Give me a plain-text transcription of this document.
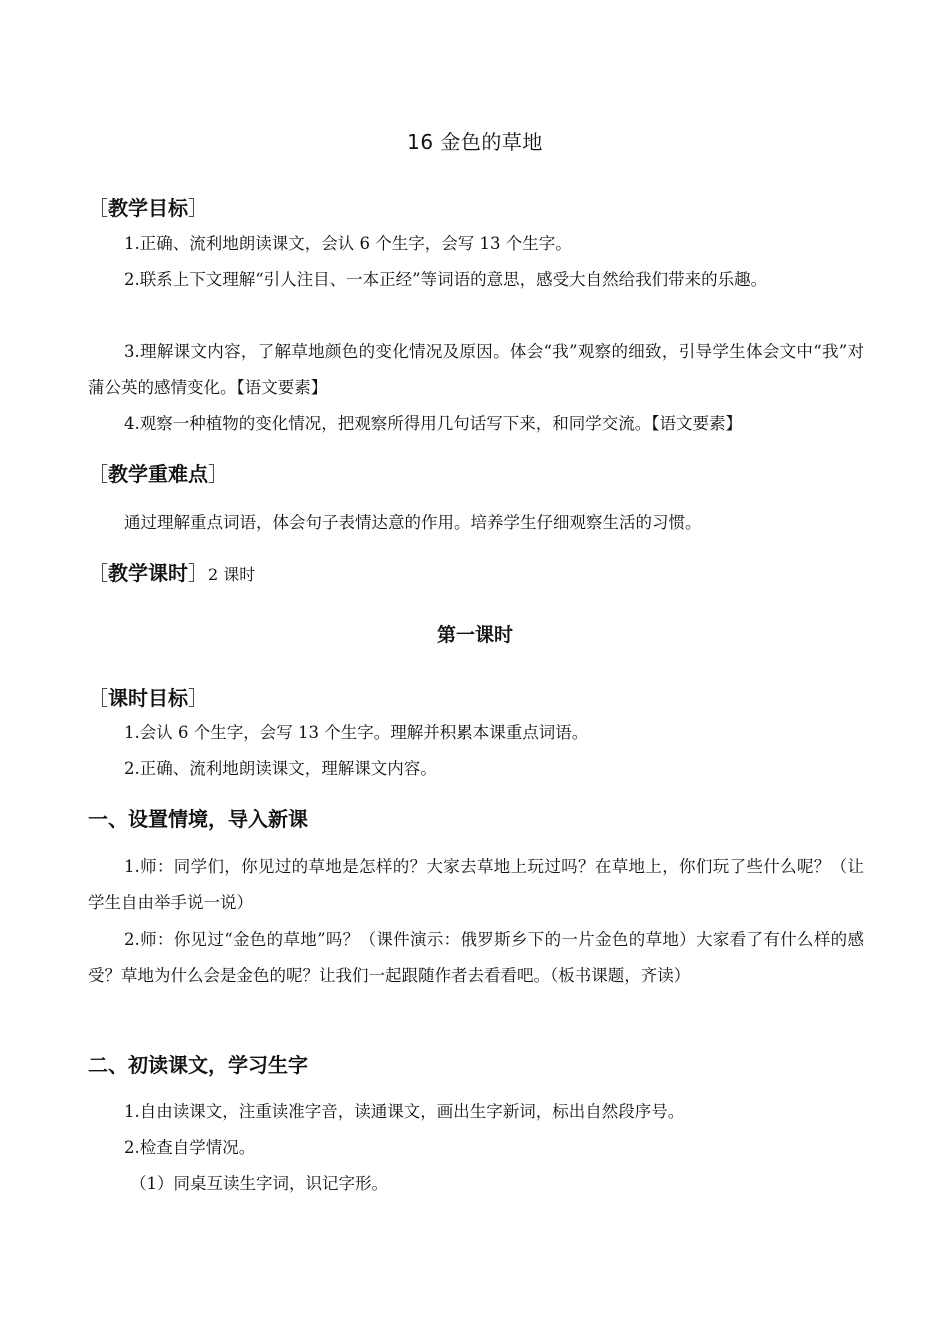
16 金色的草地
［教学目标］
1.正确、流利地朗读课文，会认 6 个生字，会写 13 个生字。
2.联系上下文理解“引人注目、一本正经”等词语的意思，感受大自然给我们带来的乐趣。
3.理解课文内容，了解草地颜色的变化情况及原因。体会“我”观察的细致，引导学生体会文中“我”对蒲公英的感情变化。【语文要素】
4.观察一种植物的变化情况，把观察所得用几句话写下来，和同学交流。【语文要素】
［教学重难点］
通过理解重点词语，体会句子表情达意的作用。培养学生仔细观察生活的习惯。
［教学课时］2 课时
第一课时
［课时目标］
1.会认 6 个生字，会写 13 个生字。理解并积累本课重点词语。
2.正确、流利地朗读课文，理解课文内容。
一、设置情境，导入新课
1.师：同学们，你见过的草地是怎样的？大家去草地上玩过吗？在草地上，你们玩了些什么呢？（让学生自由举手说一说）
2.师：你见过“金色的草地”吗？（课件演示：俄罗斯乡下的一片金色的草地）大家看了有什么样的感受？草地为什么会是金色的呢？让我们一起跟随作者去看看吧。（板书课题，齐读）
二、初读课文，学习生字
1.自由读课文，注重读准字音，读通课文，画出生字新词，标出自然段序号。
2.检查自学情况。
（1）同桌互读生字词，识记字形。
